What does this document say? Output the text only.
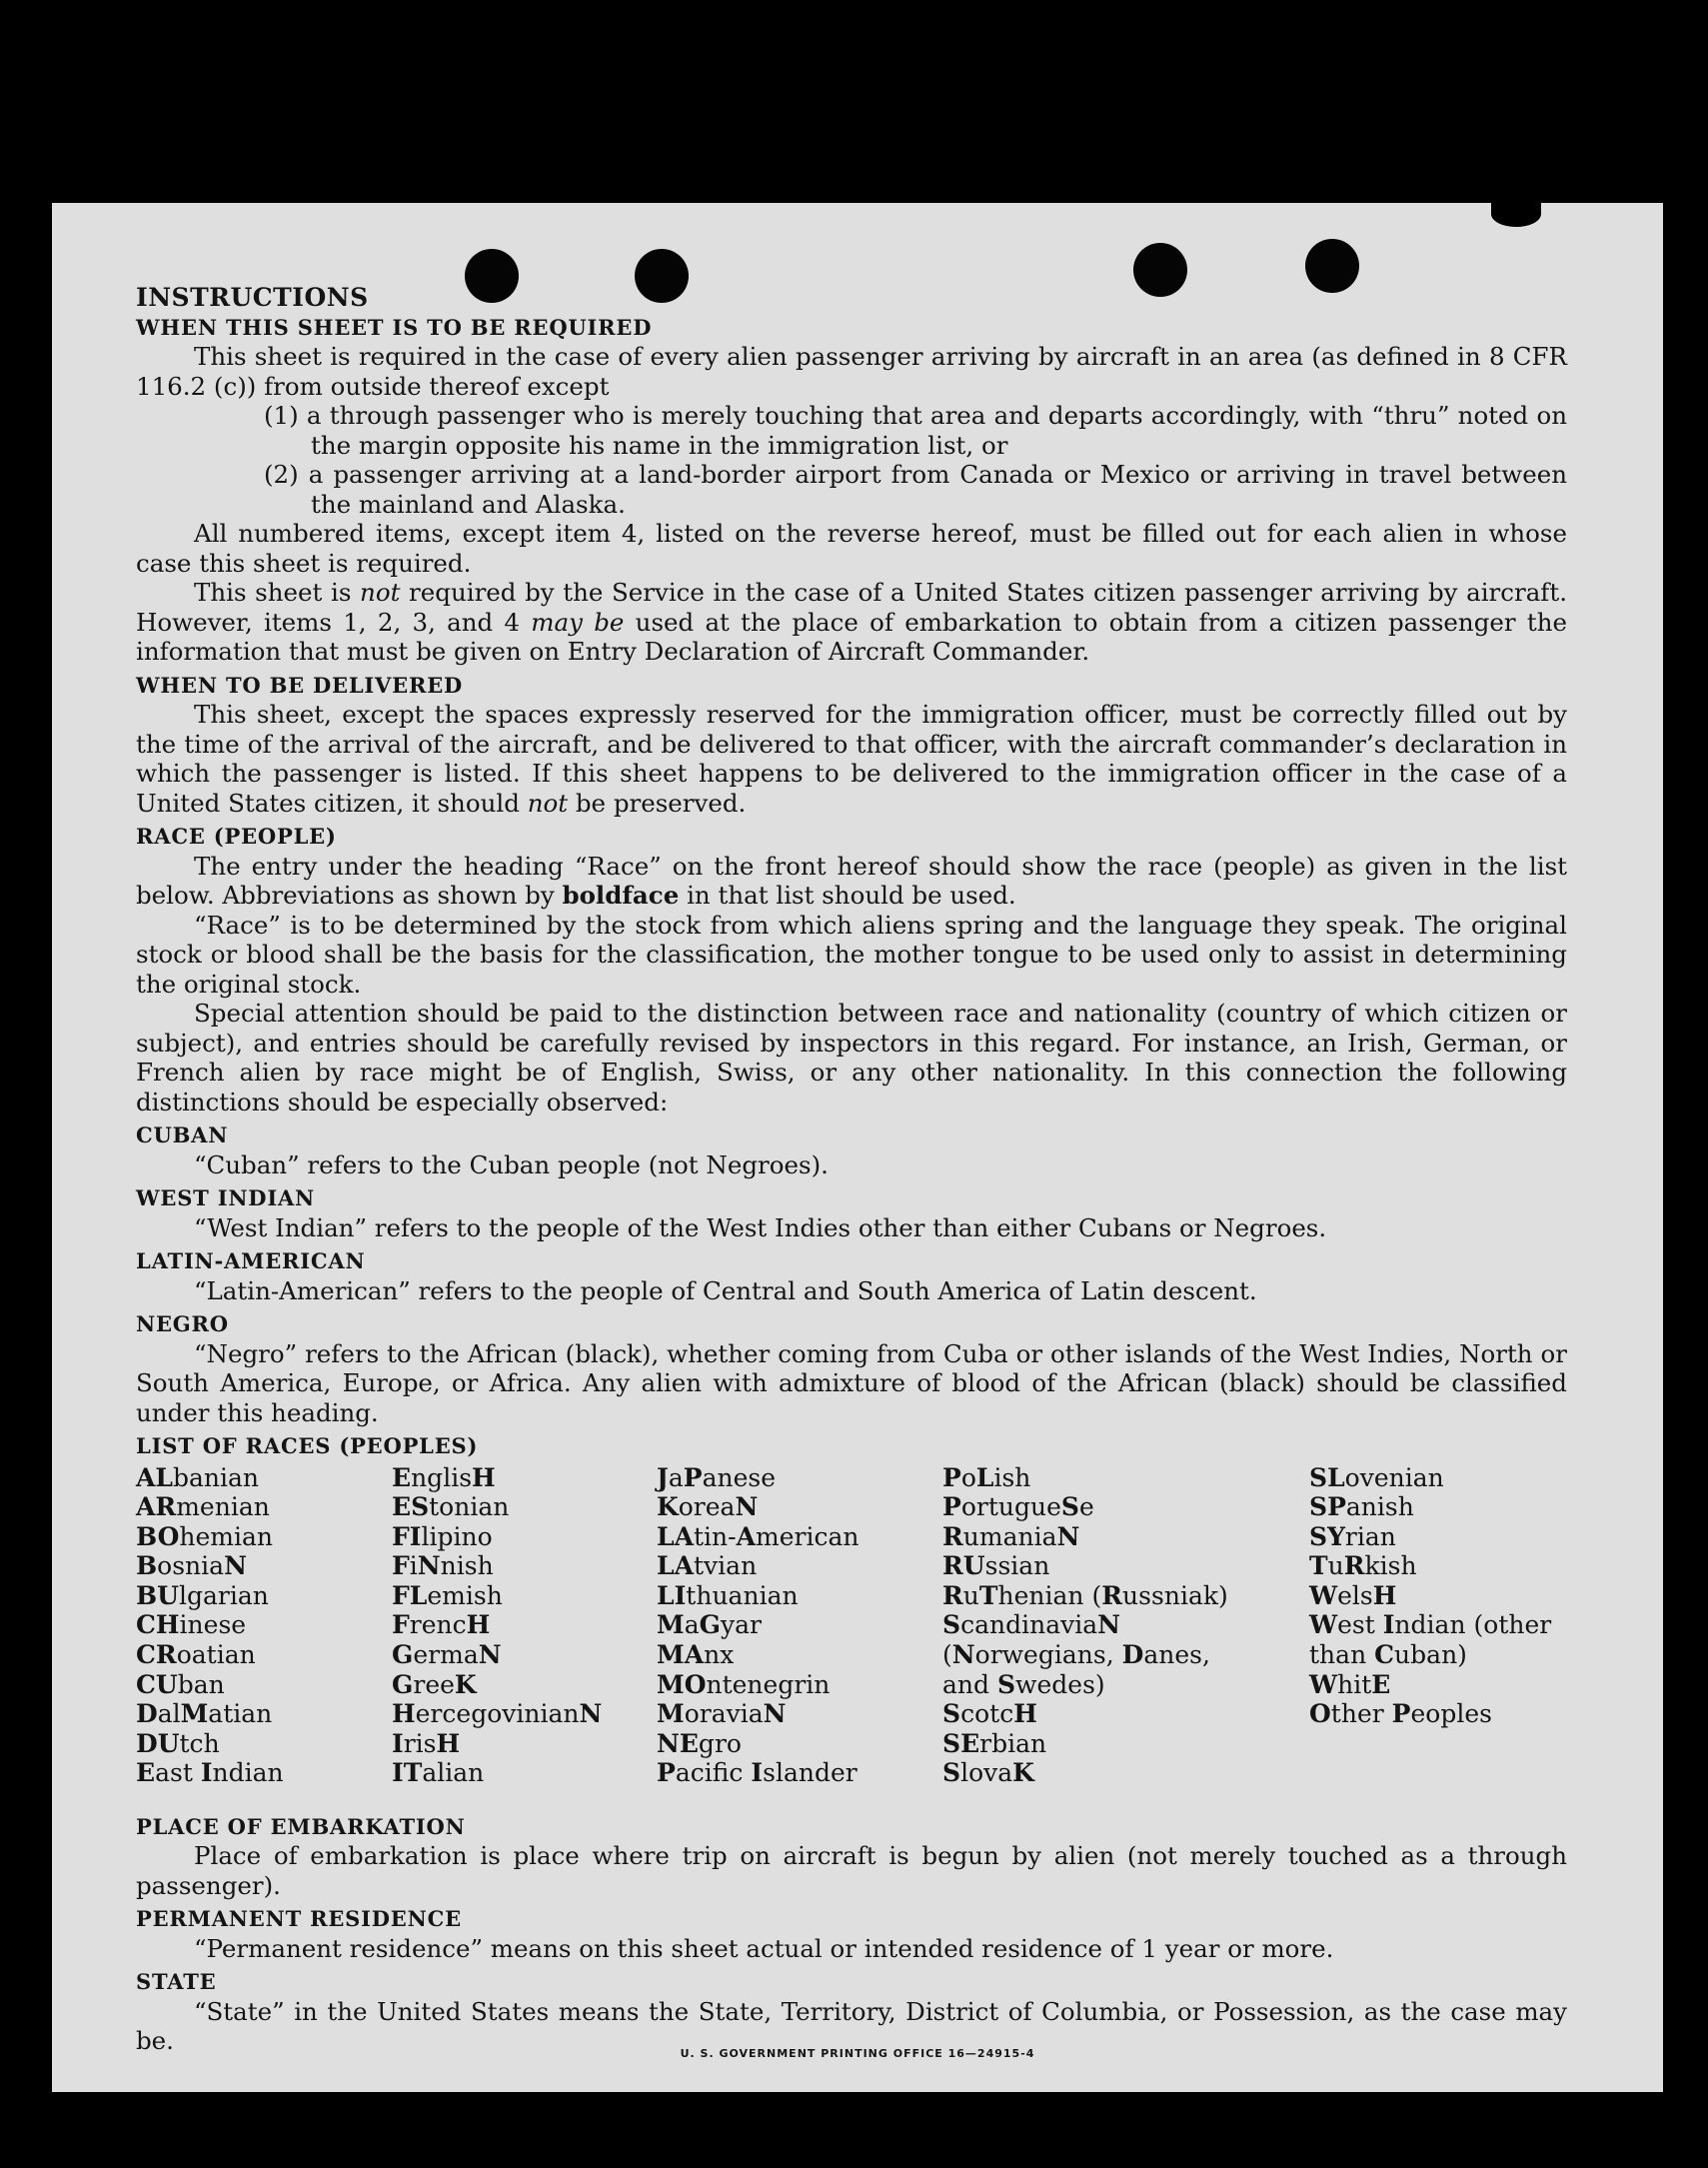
INSTRUCTIONS

WHEN THIS SHEET IS TO BE REQUIRED

This sheet is required in the case of every alien passenger arriving by aircraft in an area (as defined in 8 CFR 116.2 (c)) from outside thereof except

(1) a through passenger who is merely touching that area and departs accordingly, with “thru” noted on the margin opposite his name in the immigration list, or

(2) a passenger arriving at a land-border airport from Canada or Mexico or arriving in travel between the mainland and Alaska.

All numbered items, except item 4, listed on the reverse hereof, must be filled out for each alien in whose case this sheet is required.

This sheet is not required by the Service in the case of a United States citizen passenger arriving by aircraft. However, items 1, 2, 3, and 4 may be used at the place of embarkation to obtain from a citizen passenger the information that must be given on Entry Declaration of Aircraft Commander.

WHEN TO BE DELIVERED

This sheet, except the spaces expressly reserved for the immigration officer, must be correctly filled out by the time of the arrival of the aircraft, and be delivered to that officer, with the aircraft commander’s declaration in which the passenger is listed. If this sheet happens to be delivered to the immigration officer in the case of a United States citizen, it should not be preserved.

RACE (PEOPLE)

The entry under the heading “Race” on the front hereof should show the race (people) as given in the list below. Abbreviations as shown by boldface in that list should be used.

“Race” is to be determined by the stock from which aliens spring and the language they speak. The original stock or blood shall be the basis for the classification, the mother tongue to be used only to assist in determining the original stock.

Special attention should be paid to the distinction between race and nationality (country of which citizen or subject), and entries should be carefully revised by inspectors in this regard. For instance, an Irish, German, or French alien by race might be of English, Swiss, or any other nationality. In this connection the following distinctions should be especially observed:

CUBAN

“Cuban” refers to the Cuban people (not Negroes).

WEST INDIAN

“West Indian” refers to the people of the West Indies other than either Cubans or Negroes.

LATIN-AMERICAN

“Latin-American” refers to the people of Central and South America of Latin descent.

NEGRO

“Negro” refers to the African (black), whether coming from Cuba or other islands of the West Indies, North or South America, Europe, or Africa. Any alien with admixture of blood of the African (black) should be classified under this heading.

LIST OF RACES (PEOPLES)

ALbanian
ARmenian
BOhemian
BosniaN
BUlgarian
CHinese
CRoatian
CUban
DalMatian
DUtch
East Indian
EnglisH
EStonian
FIlipino
FiNnish
FLemish
FrencH
GermaN
GreeK
HercegovinianN
IrisH
ITalian
JaPanese
KoreaN
LAtin-American
LAtvian
LIthuanian
MaGyar
MAnx
MOntenegrin
MoraviaN
NEgro
Pacifc Islander
PoLish
PortugueSe
RumaniaN
RUssian
RuThenian (Russniak)
ScandinaviaN (Norwegians, Danes, and Swedes)
ScotcH
SErbian
SlovaK
SLovenian
SPanish
SYrian
TuRkish
WelsH
West Indian (other than Cuban)
WhitE
Other Peoples

PLACE OF EMBARKATION

Place of embarkation is place where trip on aircraft is begun by alien (not merely touched as a through passenger).

PERMANENT RESIDENCE

“Permanent residence” means on this sheet actual or intended residence of 1 year or more.

STATE

“State” in the United States means the State, Territory, District of Columbia, or Possession, as the case may be.	U. S. GOVERNMENT PRINTING OFFICE 16—24915-4
